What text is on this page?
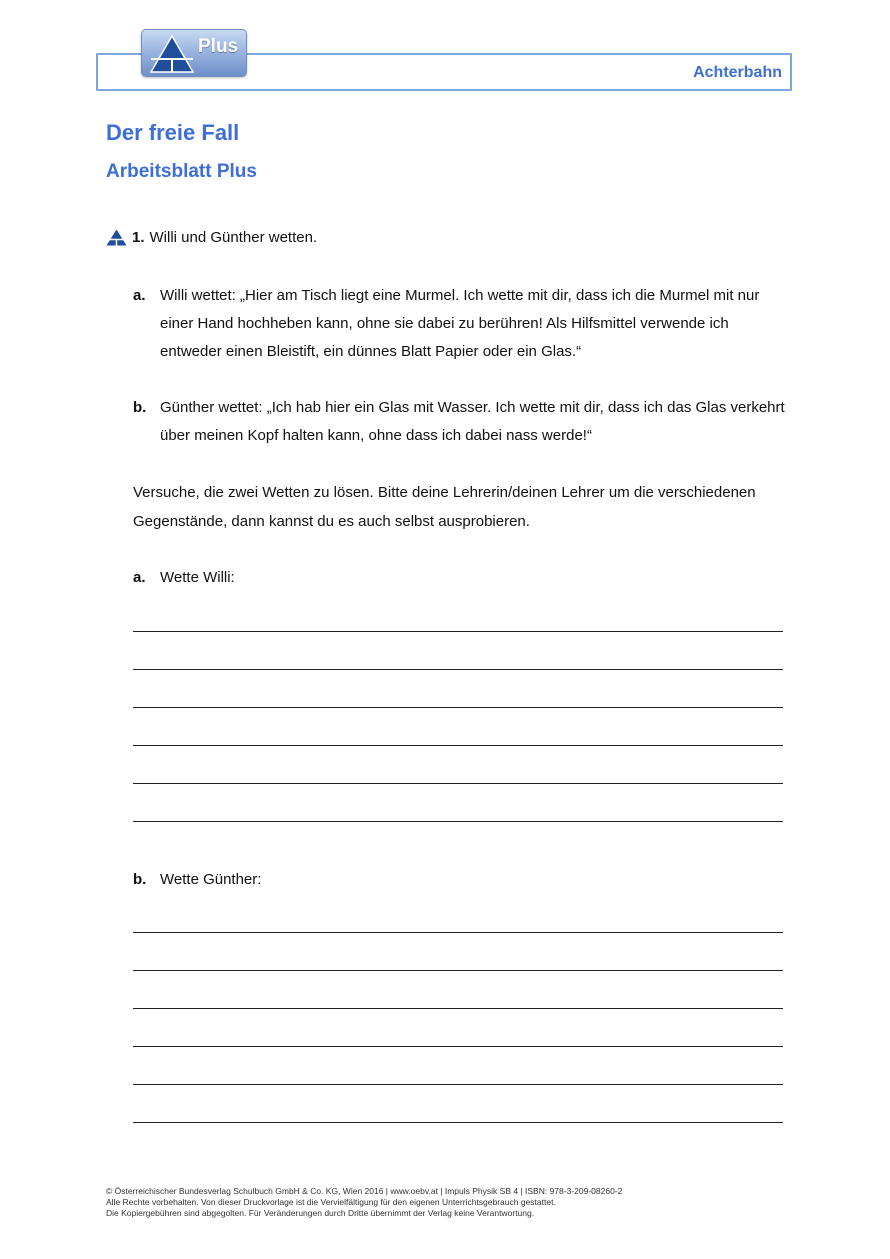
Achterbahn
Plus
Der freie Fall
Arbeitsblatt Plus
1. Willi und Günther wetten.
a. Willi wettet: „Hier am Tisch liegt eine Murmel. Ich wette mit dir, dass ich die Murmel mit nur einer Hand hochheben kann, ohne sie dabei zu berühren! Als Hilfsmittel verwende ich entweder einen Bleistift, ein dünnes Blatt Papier oder ein Glas.“
b. Günther wettet: „Ich hab hier ein Glas mit Wasser. Ich wette mit dir, dass ich das Glas verkehrt über meinen Kopf halten kann, ohne dass ich dabei nass werde!“
Versuche, die zwei Wetten zu lösen. Bitte deine Lehrerin/deinen Lehrer um die verschiedenen Gegenstände, dann kannst du es auch selbst ausprobieren.
a. Wette Willi:
b. Wette Günther:
© Österreichischer Bundesverlag Schulbuch GmbH & Co. KG, Wien 2016 | www.oebv.at | Impuls Physik SB 4 | ISBN: 978-3-209-08260-2
Alle Rechte vorbehalten. Von dieser Druckvorlage ist die Vervielfältigung für den eigenen Unterrichtsgebrauch gestattet.
Die Kopiergebühren sind abgegolten. Für Veränderungen durch Dritte übernimmt der Verlag keine Verantwortung.
